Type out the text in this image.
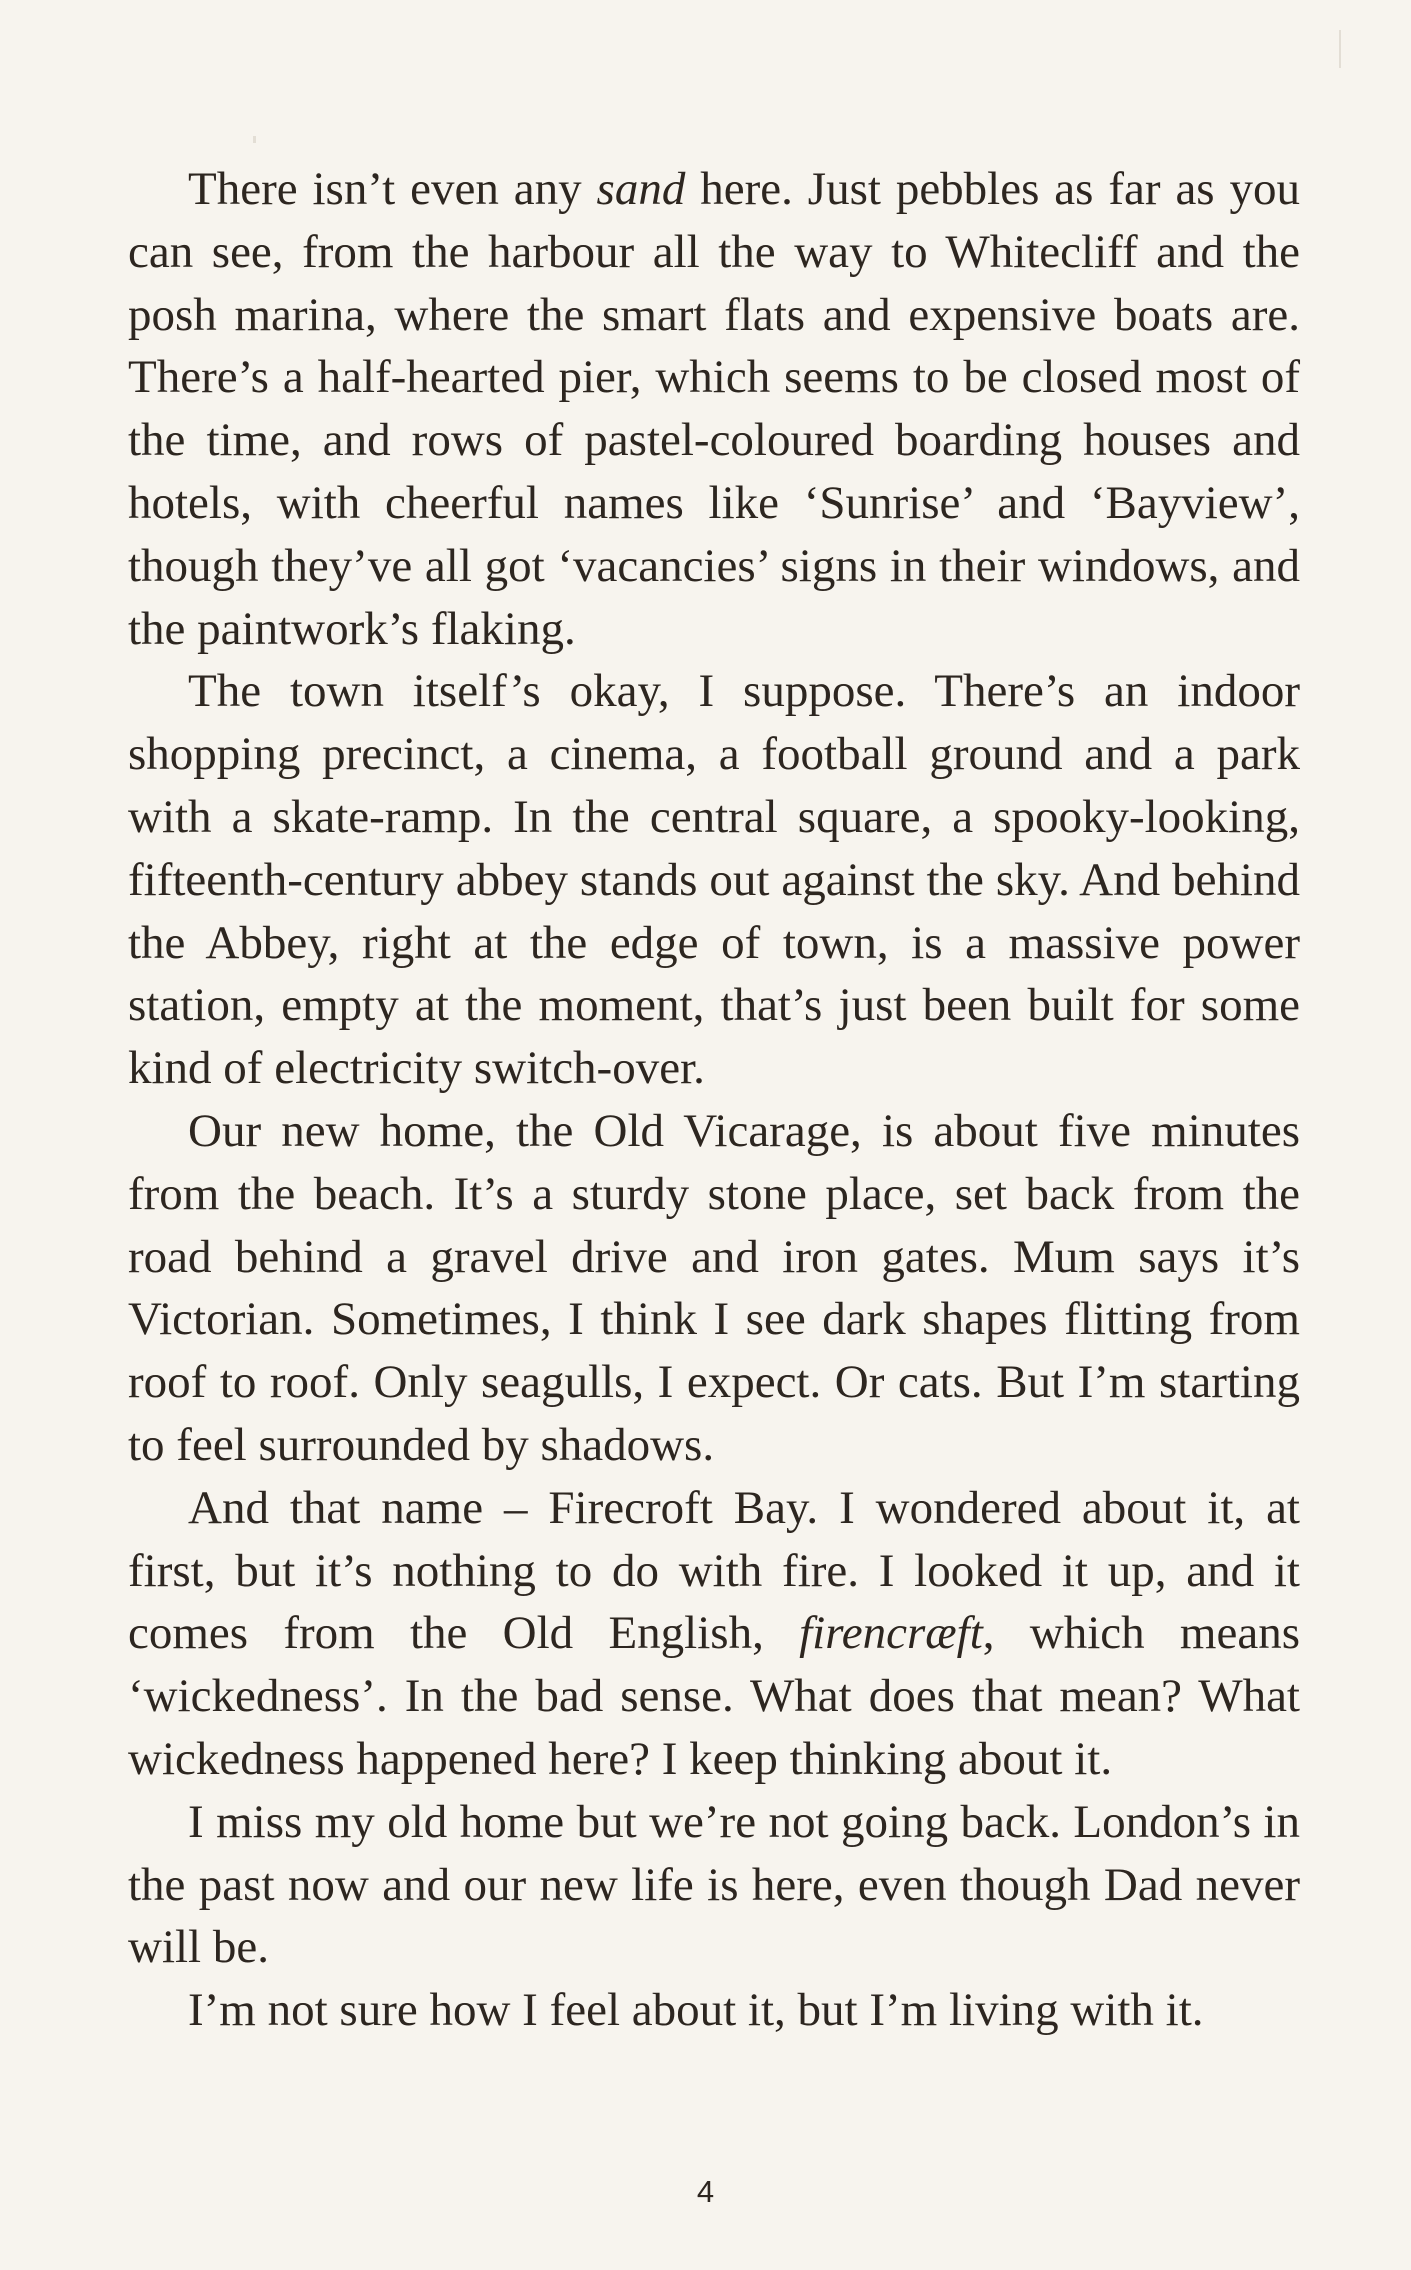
There isn’t even any sand here. Just pebbles as far as you can see, from the harbour all the way to Whitecliff and the posh marina, where the smart flats and expensive boats are. There’s a half-hearted pier, which seems to be closed most of the time, and rows of pastel-coloured boarding houses and hotels, with cheerful names like ‘Sunrise’ and ‘Bayview’, though they’ve all got ‘vacancies’ signs in their windows, and the paintwork’s flaking.

The town itself’s okay, I suppose. There’s an indoor shopping precinct, a cinema, a football ground and a park with a skate-ramp. In the central square, a spooky-looking, fifteenth-century abbey stands out against the sky. And behind the Abbey, right at the edge of town, is a massive power station, empty at the moment, that’s just been built for some kind of electricity switch-over.

Our new home, the Old Vicarage, is about five minutes from the beach. It’s a sturdy stone place, set back from the road behind a gravel drive and iron gates. Mum says it’s Victorian. Sometimes, I think I see dark shapes flitting from roof to roof. Only seagulls, I expect. Or cats. But I’m starting to feel surrounded by shadows.

And that name – Firecroft Bay. I wondered about it, at first, but it’s nothing to do with fire. I looked it up, and it comes from the Old English, firencræft, which means ‘wickedness’. In the bad sense. What does that mean? What wickedness happened here? I keep thinking about it.

I miss my old home but we’re not going back. London’s in the past now and our new life is here, even though Dad never will be.

I’m not sure how I feel about it, but I’m living with it.

4
